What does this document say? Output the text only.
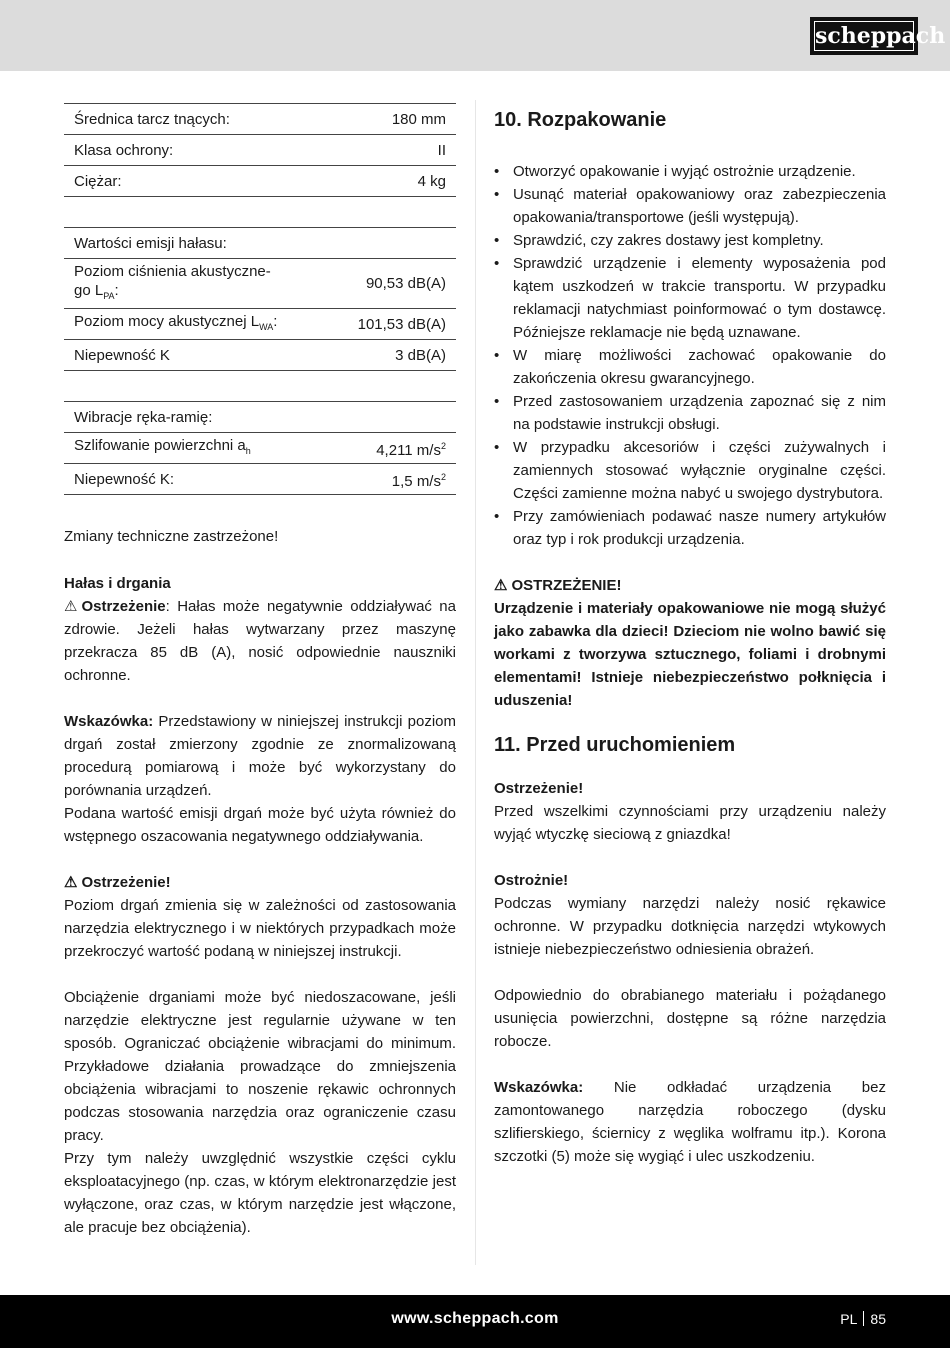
scheppach
Średnica tarcz tnących:	180 mm
Klasa ochrony:	II
Ciężar:	4 kg

Wartości emisji hałasu:	
Poziom ciśnienia akustyczne-
go $L_{PA}$:	90,53 dB(A)
Poziom mocy akustycznej $L_{WA}$:	101,53 dB(A)
Niepewność K	3 dB(A)

Wibracje ręka-ramię:	
Szlifowanie powierzchni $a_h$	4,211 $m/s^2$
Niepewność K:	1,5 $m/s^2$

Zmiany techniczne zastrzeżone!

Hałas i drgania

⚠ Ostrzeżenie: Hałas może negatywnie oddziaływać na zdrowie. Jeżeli hałas wytwarzany przez maszynę przekracza 85 dB (A), nosić odpowiednie nauszniki ochronne.

Wskazówka: Przedstawiony w niniejszej instrukcji poziom drgań został zmierzony zgodnie ze znormalizowaną procedurą pomiarową i może być wykorzystany do porównania urządzeń.

Podana wartość emisji drgań może być użyta również do wstępnego oszacowania negatywnego oddziaływania.

⚠ Ostrzeżenie!

Poziom drgań zmienia się w zależności od zastosowania narzędzia elektrycznego i w niektórych przypadkach może przekroczyć wartość podaną w niniejszej instrukcji.

Obciążenie drganiami może być niedoszacowane, jeśli narzędzie elektryczne jest regularnie używane w ten sposób. Ograniczać obciążenie wibracjami do minimum. Przykładowe działania prowadzące do zmniejszenia obciążenia wibracjami to noszenie rękawic ochronnych podczas stosowania narzędzia oraz ograniczenie czasu pracy.

Przy tym należy uwzględnić wszystkie części cyklu eksploatacyjnego (np. czas, w którym elektronarzędzie jest wyłączone, oraz czas, w którym narzędzie jest włączone, ale pracuje bez obciążenia).

10. Rozpakowanie
• Otworzyć opakowanie i wyjąć ostrożnie urządzenie.
• Usunąć materiał opakowaniowy oraz zabezpieczenia opakowania/transportowe (jeśli występują).
• Sprawdzić, czy zakres dostawy jest kompletny.
• Sprawdzić urządzenie i elementy wyposażenia pod kątem uszkodzeń w trakcie transportu. W przypadku reklamacji natychmiast poinformować o tym dostawcę. Późniejsze reklamacje nie będą uznawane.
• W miarę możliwości zachować opakowanie do zakończenia okresu gwarancyjnego.
• Przed zastosowaniem urządzenia zapoznać się z nim na podstawie instrukcji obsługi.
• W przypadku akcesoriów i części zużywalnych i zamiennych stosować wyłącznie oryginalne części. Części zamienne można nabyć u swojego dystrybutora.
• Przy zamówieniach podawać nasze numery artykułów oraz typ i rok produkcji urządzenia.

⚠ OSTRZEŻENIE!

Urządzenie i materiały opakowaniowe nie mogą służyć jako zabawka dla dzieci! Dzieciom nie wolno bawić się workami z tworzywa sztucznego, foliami i drobnymi elementami! Istnieje niebezpieczeństwo połknięcia i uduszenia!

11. Przed uruchomieniem

Ostrzeżenie!

Przed wszelkimi czynnościami przy urządzeniu należy wyjąć wtyczkę sieciową z gniazdka!

Ostrożnie!

Podczas wymiany narzędzi należy nosić rękawice ochronne. W przypadku dotknięcia narzędzi wtykowych istnieje niebezpieczeństwo odniesienia obrażeń.

Odpowiednio do obrabianego materiału i pożądanego usunięcia powierzchni, dostępne są różne narzędzia robocze.

Wskazówka: Nie odkładać urządzenia bez zamontowanego narzędzia roboczego (dysku szlifierskiego, ściernicy z węglika wolframu itp.). Korona szczotki (5) może się wygiąć i ulec uszkodzeniu.

www.scheppach.com	PL 85
